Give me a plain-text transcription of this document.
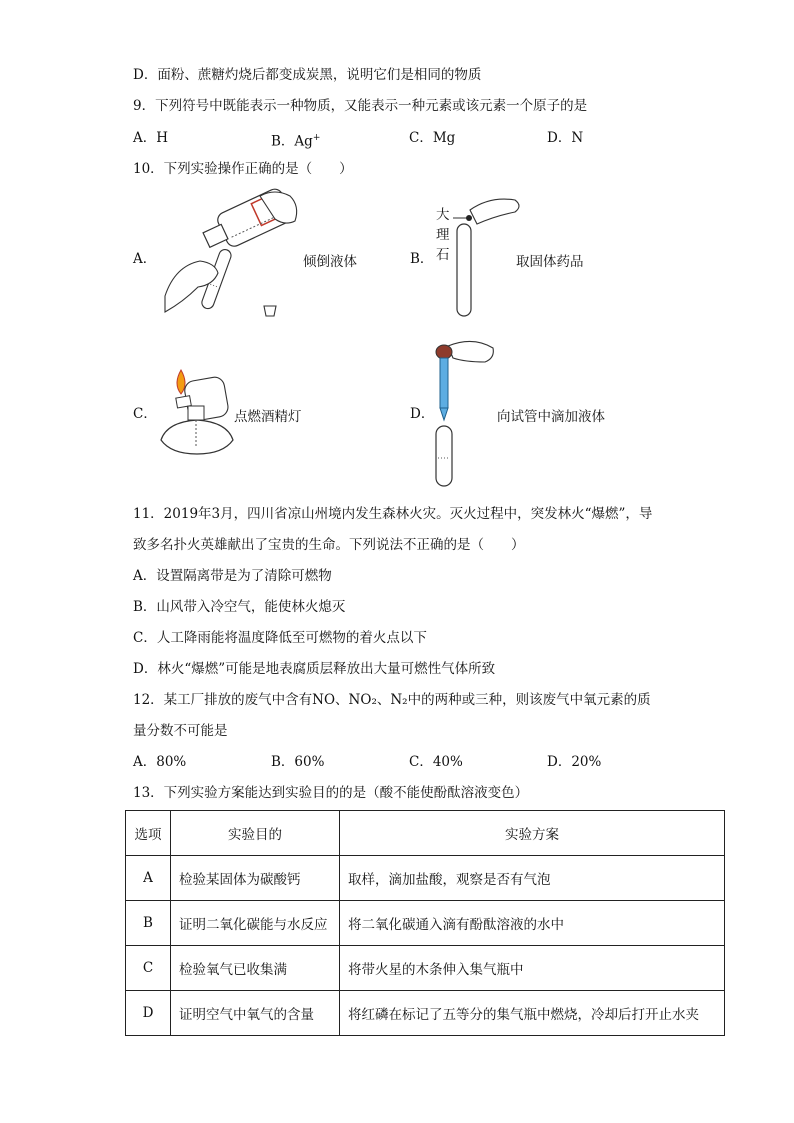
D．面粉、蔗糖灼烧后都变成炭黑，说明它们是相同的物质
9．下列符号中既能表示一种物质，又能表示一种元素或该元素一个原子的是
A．H	B．Ag+	C．Mg	D．N
10．下列实验操作正确的是（　　）
A．	倾倒液体	B．
大
理
石	取固体药品
C．	点燃酒精灯	D．	向试管中滴加液体
11．2019年3月，四川省凉山州境内发生森林火灾。灭火过程中，突发林火“爆燃”，导
致多名扑火英雄献出了宝贵的生命。下列说法不正确的是（　　）
A．设置隔离带是为了清除可燃物
B．山风带入冷空气，能使林火熄灭
C．人工降雨能将温度降低至可燃物的着火点以下
D．林火“爆燃”可能是地表腐质层释放出大量可燃性气体所致
12．某工厂排放的废气中含有NO、NO₂、N₂中的两种或三种，则该废气中氧元素的质
量分数不可能是
A．80%	B．60%	C．40%	D．20%
13．下列实验方案能达到实验目的的是（酸不能使酚酞溶液变色）
选项	实验目的	实验方案
A	检验某固体为碳酸钙	取样，滴加盐酸，观察是否有气泡
B	证明二氧化碳能与水反应	将二氧化碳通入滴有酚酞溶液的水中
C	检验氧气已收集满	将带火星的木条伸入集气瓶中
D	证明空气中氧气的含量	将红磷在标记了五等分的集气瓶中燃烧，冷却后打开止水夹
